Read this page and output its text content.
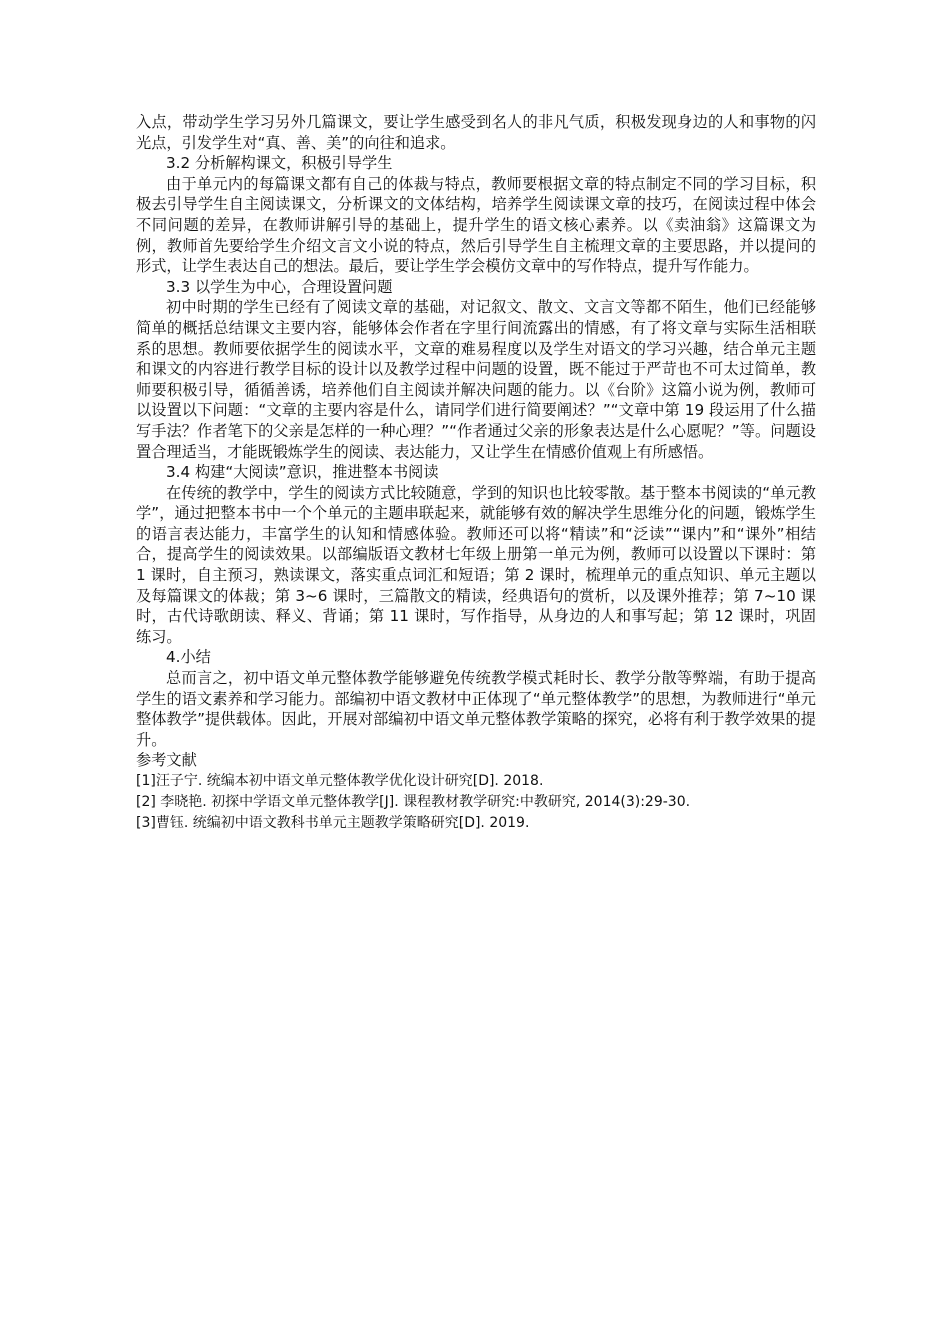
入点，带动学生学习另外几篇课文，要让学生感受到名人的非凡气质，积极发现身边的人和事物的闪光点，引发学生对“真、善、美”的向往和追求。

3.2 分析解构课文，积极引导学生

由于单元内的每篇课文都有自己的体裁与特点，教师要根据文章的特点制定不同的学习目标，积极去引导学生自主阅读课文，分析课文的文体结构，培养学生阅读课文章的技巧，在阅读过程中体会不同问题的差异，在教师讲解引导的基础上，提升学生的语文核心素养。以《卖油翁》这篇课文为例，教师首先要给学生介绍文言文小说的特点，然后引导学生自主梳理文章的主要思路，并以提问的形式，让学生表达自己的想法。最后，要让学生学会模仿文章中的写作特点，提升写作能力。

3.3 以学生为中心，合理设置问题

初中时期的学生已经有了阅读文章的基础，对记叙文、散文、文言文等都不陌生，他们已经能够简单的概括总结课文主要内容，能够体会作者在字里行间流露出的情感，有了将文章与实际生活相联系的思想。教师要依据学生的阅读水平，文章的难易程度以及学生对语文的学习兴趣，结合单元主题和课文的内容进行教学目标的设计以及教学过程中问题的设置，既不能过于严苛也不可太过简单，教师要积极引导，循循善诱，培养他们自主阅读并解决问题的能力。以《台阶》这篇小说为例，教师可以设置以下问题：“文章的主要内容是什么，请同学们进行简要阐述？”“文章中第 19 段运用了什么描写手法？作者笔下的父亲是怎样的一种心理？”“作者通过父亲的形象表达是什么心愿呢？”等。问题设置合理适当，才能既锻炼学生的阅读、表达能力，又让学生在情感价值观上有所感悟。

3.4 构建“大阅读”意识，推进整本书阅读

在传统的教学中，学生的阅读方式比较随意，学到的知识也比较零散。基于整本书阅读的“单元教学”，通过把整本书中一个个单元的主题串联起来，就能够有效的解决学生思维分化的问题，锻炼学生的语言表达能力，丰富学生的认知和情感体验。教师还可以将“精读”和“泛读”“课内”和“课外”相结合，提高学生的阅读效果。以部编版语文教材七年级上册第一单元为例，教师可以设置以下课时：第 1 课时，自主预习，熟读课文，落实重点词汇和短语；第 2 课时，梳理单元的重点知识、单元主题以及每篇课文的体裁；第 3~6 课时，三篇散文的精读，经典语句的赏析，以及课外推荐；第 7~10 课时，古代诗歌朗读、释义、背诵；第 11 课时，写作指导，从身边的人和事写起；第 12 课时，巩固练习。

4.小结

总而言之，初中语文单元整体教学能够避免传统教学模式耗时长、教学分散等弊端，有助于提高学生的语文素养和学习能力。部编初中语文教材中正体现了“单元整体教学”的思想，为教师进行“单元整体教学”提供载体。因此，开展对部编初中语文单元整体教学策略的探究，必将有利于教学效果的提升。

参考文献

[1]汪子宁. 统编本初中语文单元整体教学优化设计研究[D]. 2018.

[2] 李晓艳. 初探中学语文单元整体教学[J]. 课程教材教学研究:中教研究, 2014(3):29-30.

[3]曹钰. 统编初中语文教科书单元主题教学策略研究[D]. 2019.
